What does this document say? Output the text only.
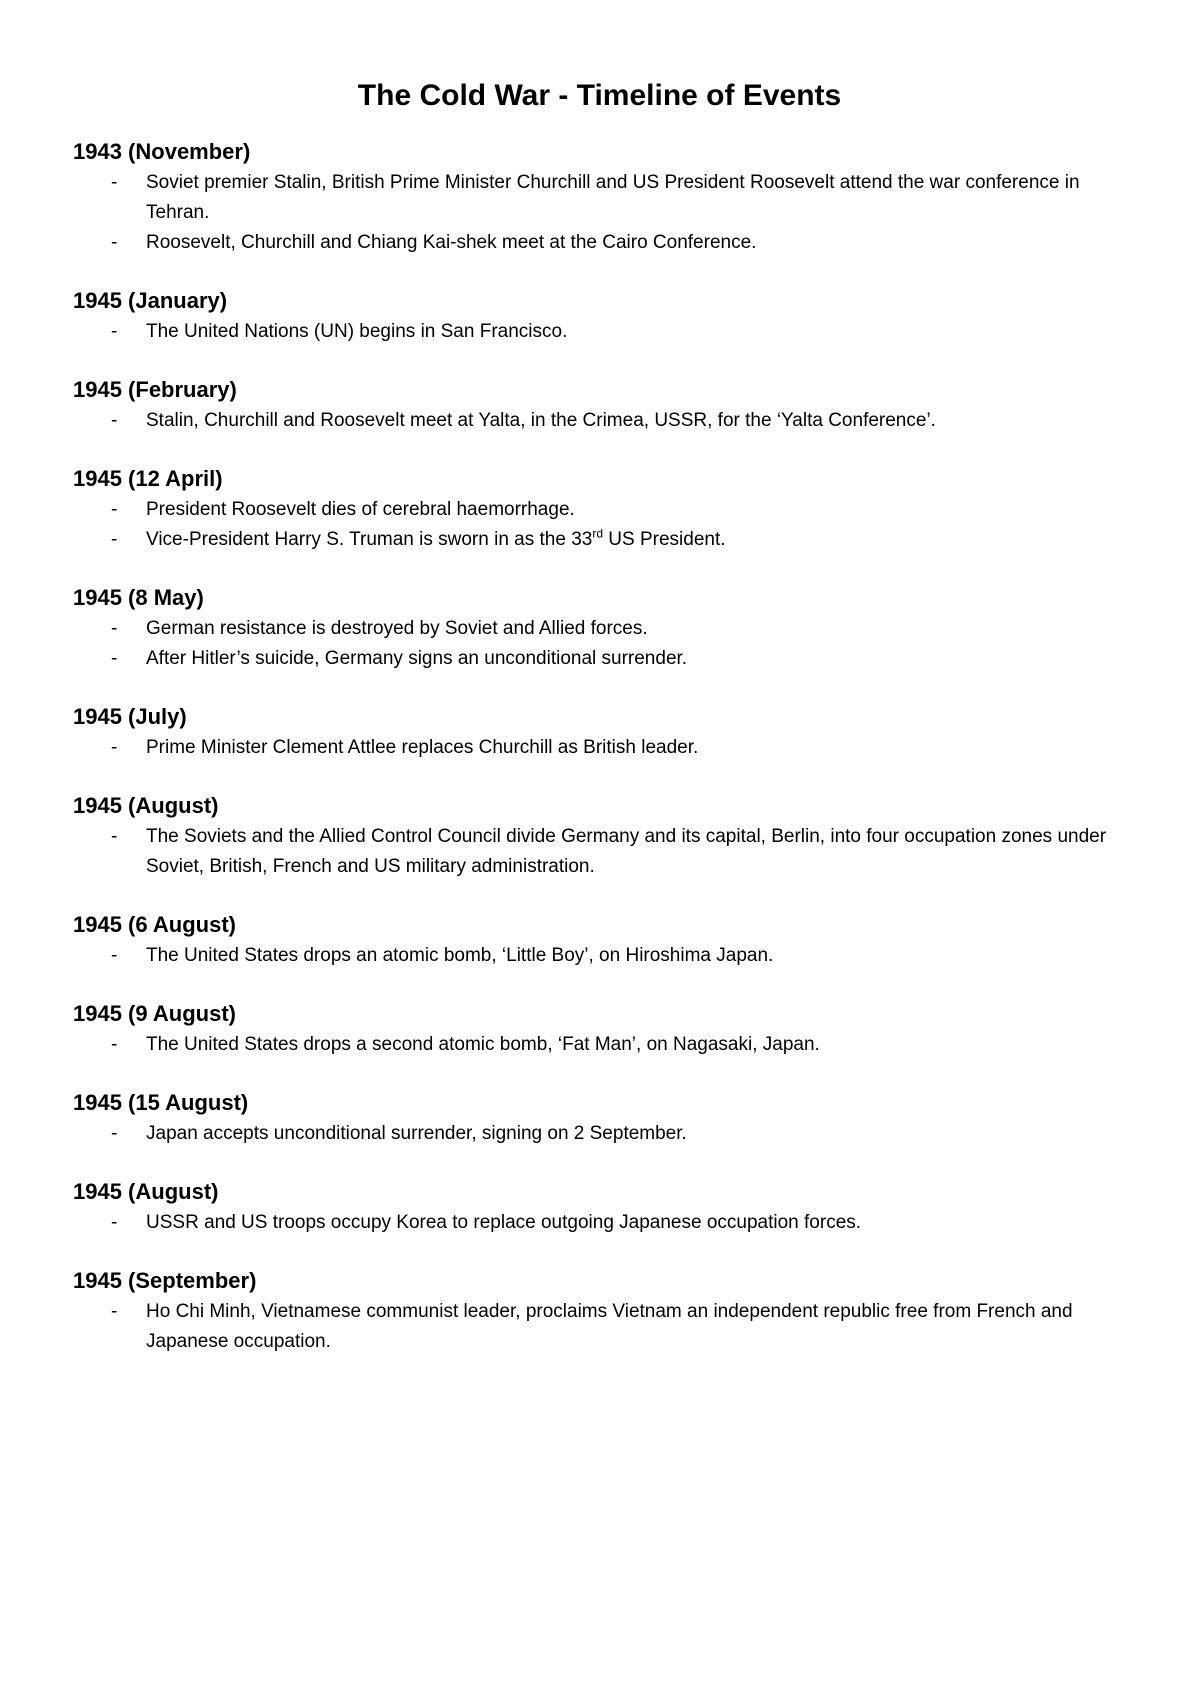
The Cold War - Timeline of Events
1943 (November)
- Soviet premier Stalin, British Prime Minister Churchill and US President Roosevelt attend the war conference in Tehran.
- Roosevelt, Churchill and Chiang Kai-shek meet at the Cairo Conference.
1945 (January)
- The United Nations (UN) begins in San Francisco.
1945 (February)
- Stalin, Churchill and Roosevelt meet at Yalta, in the Crimea, USSR, for the ‘Yalta Conference’.
1945 (12 April)
- President Roosevelt dies of cerebral haemorrhage.
- Vice-President Harry S. Truman is sworn in as the 33rd US President.
1945 (8 May)
- German resistance is destroyed by Soviet and Allied forces.
- After Hitler’s suicide, Germany signs an unconditional surrender.
1945 (July)
- Prime Minister Clement Attlee replaces Churchill as British leader.
1945 (August)
- The Soviets and the Allied Control Council divide Germany and its capital, Berlin, into four occupation zones under Soviet, British, French and US military administration.
1945 (6 August)
- The United States drops an atomic bomb, ‘Little Boy’, on Hiroshima Japan.
1945 (9 August)
- The United States drops a second atomic bomb, ‘Fat Man’, on Nagasaki, Japan.
1945 (15 August)
- Japan accepts unconditional surrender, signing on 2 September.
1945 (August)
- USSR and US troops occupy Korea to replace outgoing Japanese occupation forces.
1945 (September)
- Ho Chi Minh, Vietnamese communist leader, proclaims Vietnam an independent republic free from French and Japanese occupation.
